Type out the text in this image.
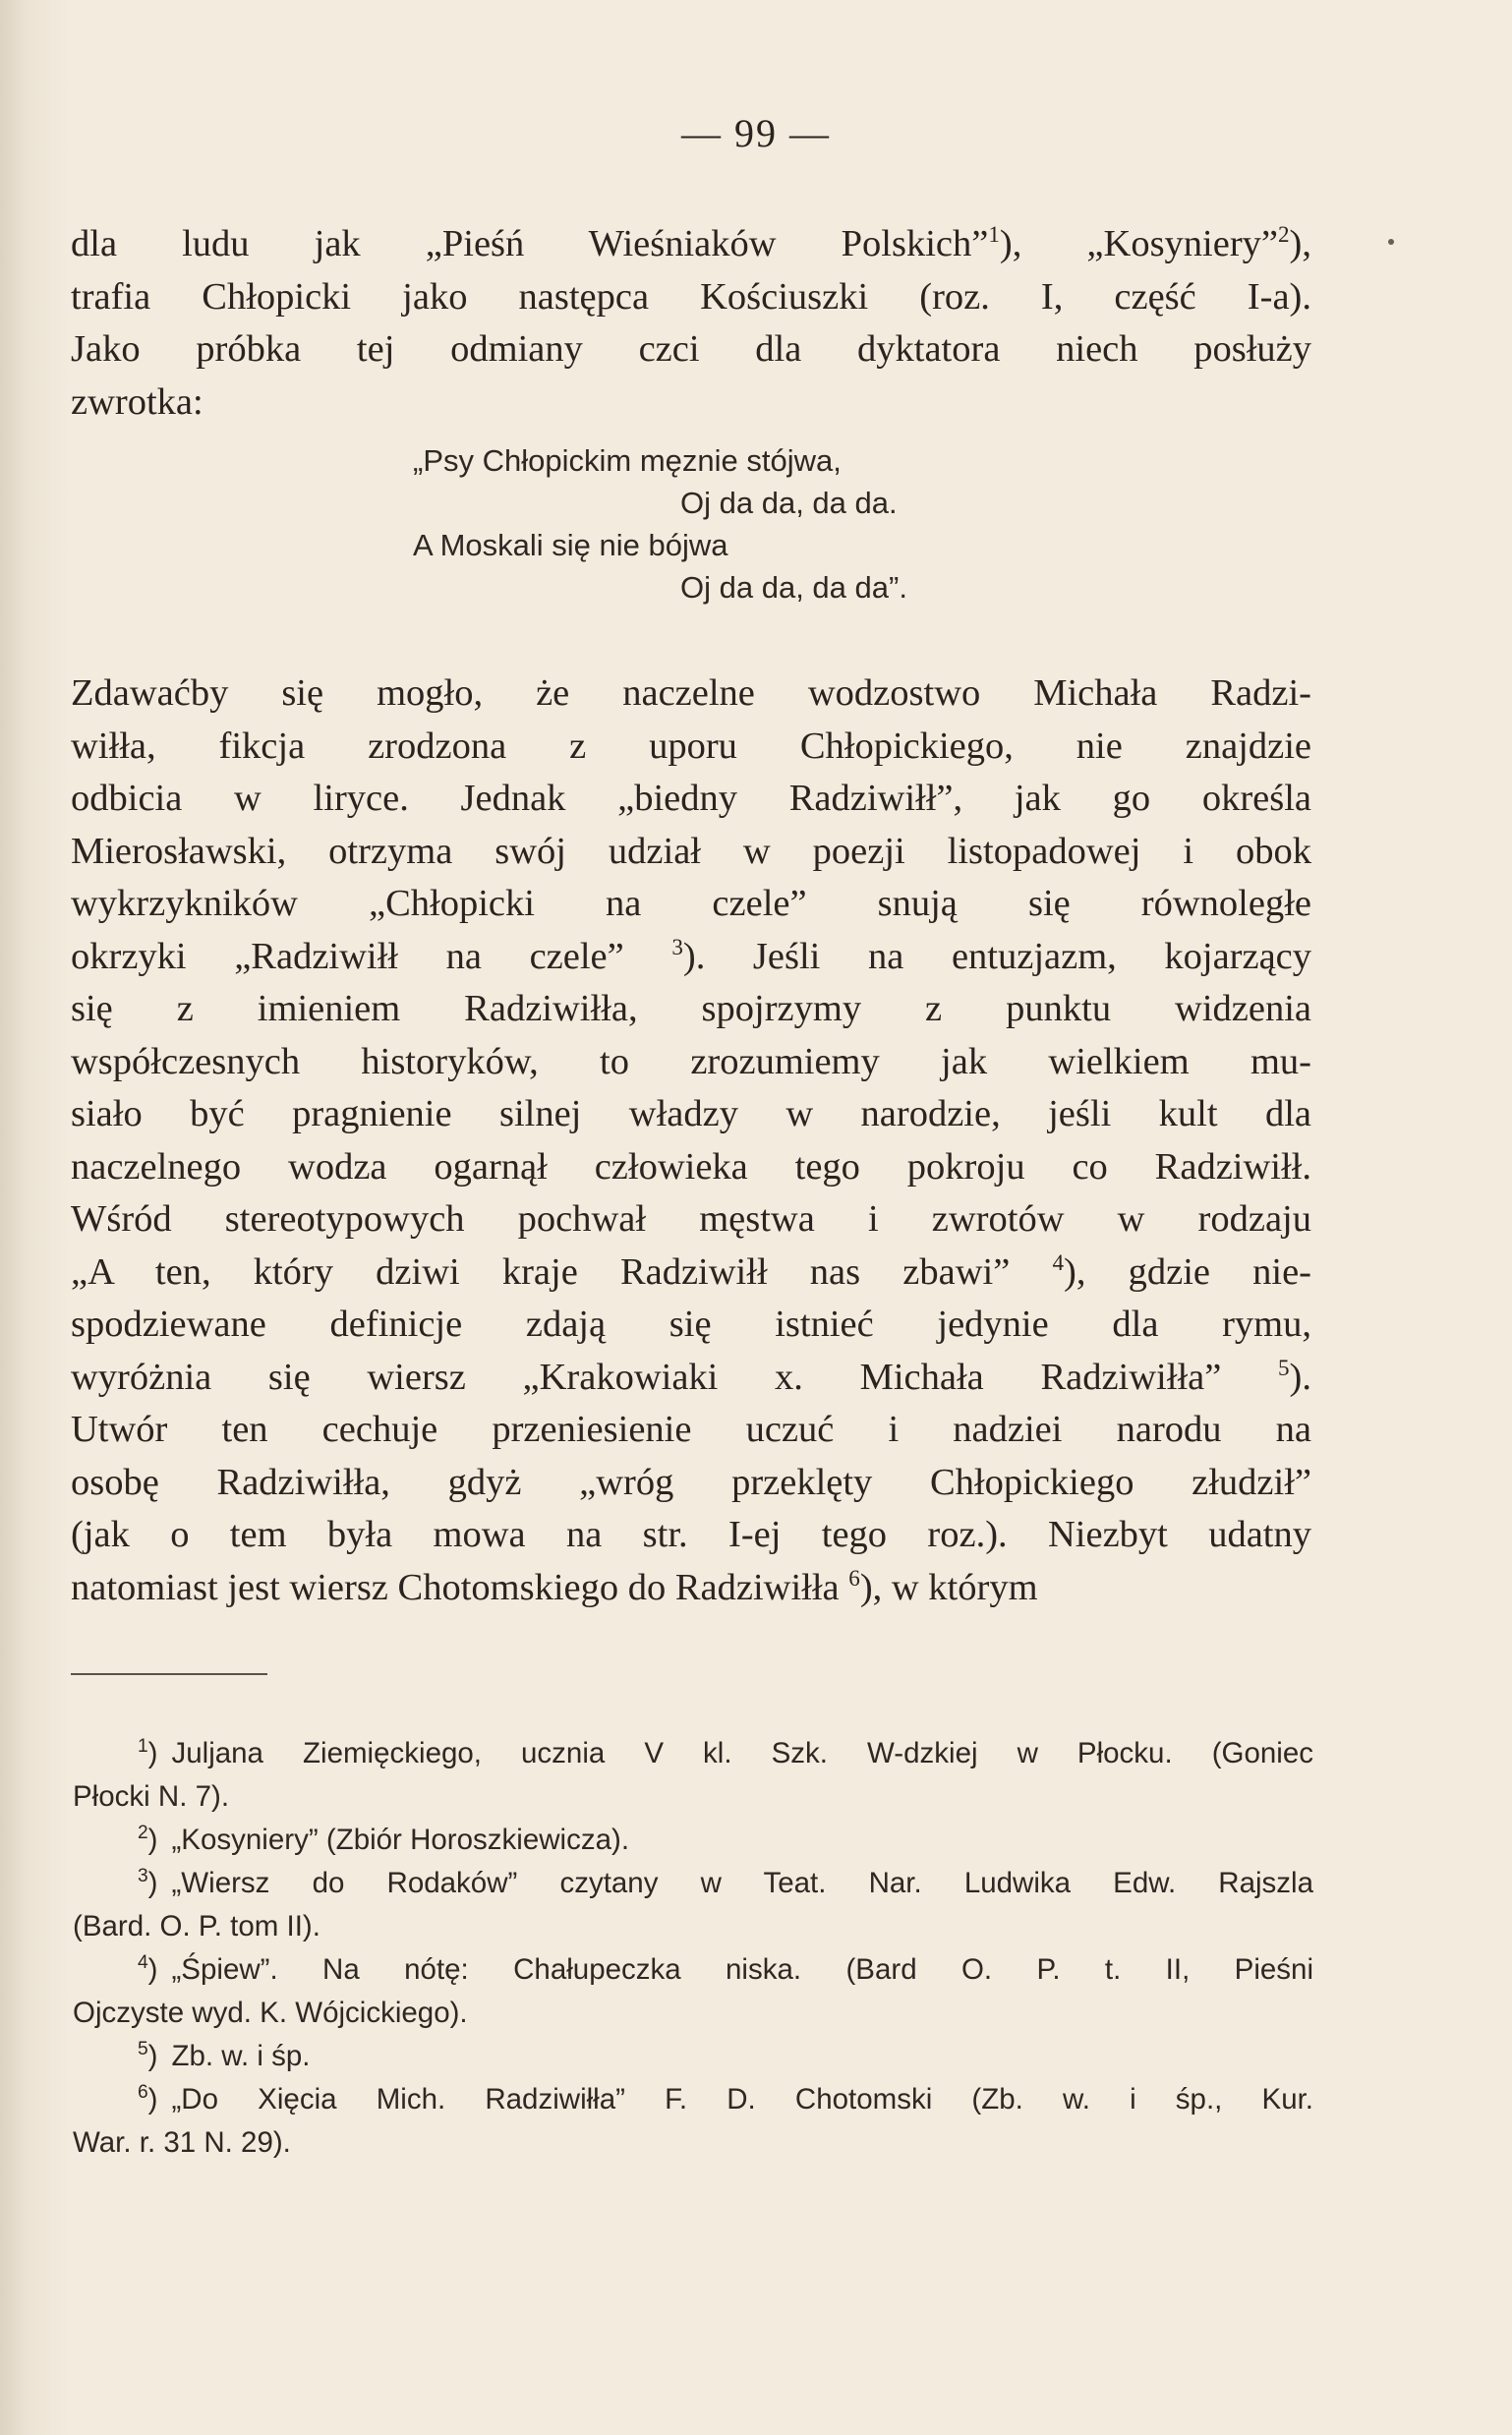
— 99 —
dla ludu jak „Pieśń Wieśniaków Polskich”$^1$), „Kosyniery”$^2$),
trafia Chłopicki jako następca Kościuszki (roz. I, część I-a).
Jako próbka tej odmiany czci dla dyktatora niech posłuży
zwrotka:
„Psy Chłopickim męznie stójwa,
Oj da da, da da.
A Moskali się nie bójwa
Oj da da, da da”.
Zdawaćby się mogło, że naczelne wodzostwo Michała Radzi-
wiłła, fikcja zrodzona z uporu Chłopickiego, nie znajdzie
odbicia w liryce. Jednak „biedny Radziwiłł”, jak go określa
Mierosławski, otrzyma swój udział w poezji listopadowej i obok
wykrzykników „Chłopicki na czele” snują się równoległe
okrzyki „Radziwiłł na czele” $^3$). Jeśli na entuzjazm, kojarzący
się z imieniem Radziwiłła, spojrzymy z punktu widzenia
współczesnych historyków, to zrozumiemy jak wielkiem mu-
siało być pragnienie silnej władzy w narodzie, jeśli kult dla
naczelnego wodza ogarnął człowieka tego pokroju co Radziwiłł.
Wśród stereotypowych pochwał męstwa i zwrotów w rodzaju
„A ten, który dziwi kraje Radziwiłł nas zbawi” $^4$), gdzie nie-
spodziewane definicje zdają się istnieć jedynie dla rymu,
wyróżnia się wiersz „Krakowiaki x. Michała Radziwiłła” $^5$).
Utwór ten cechuje przeniesienie uczuć i nadziei narodu na
osobę Radziwiłła, gdyż „wróg przeklęty Chłopickiego złudził”
(jak o tem była mowa na str. I-ej tego roz.). Niezbyt udatny
natomiast jest wiersz Chotomskiego do Radziwiłła $^6$), w którym
$^1$) Juljana Ziemięckiego, ucznia V kl. Szk. W-dzkiej w Płocku. (Goniec
Płocki N. 7).
$^2$) „Kosyniery” (Zbiór Horoszkiewicza).
$^3$) „Wiersz do Rodaków” czytany w Teat. Nar. Ludwika Edw. Rajszla
(Bard. O. P. tom II).
$^4$) „Śpiew”. Na nótę: Chałupeczka niska. (Bard O. P. t. II, Pieśni
Ojczyste wyd. K. Wójcickiego).
$^5$) Zb. w. i śp.
$^6$) „Do Xięcia Mich. Radziwiłła” F. D. Chotomski (Zb. w. i śp., Kur.
War. r. 31 N. 29).
